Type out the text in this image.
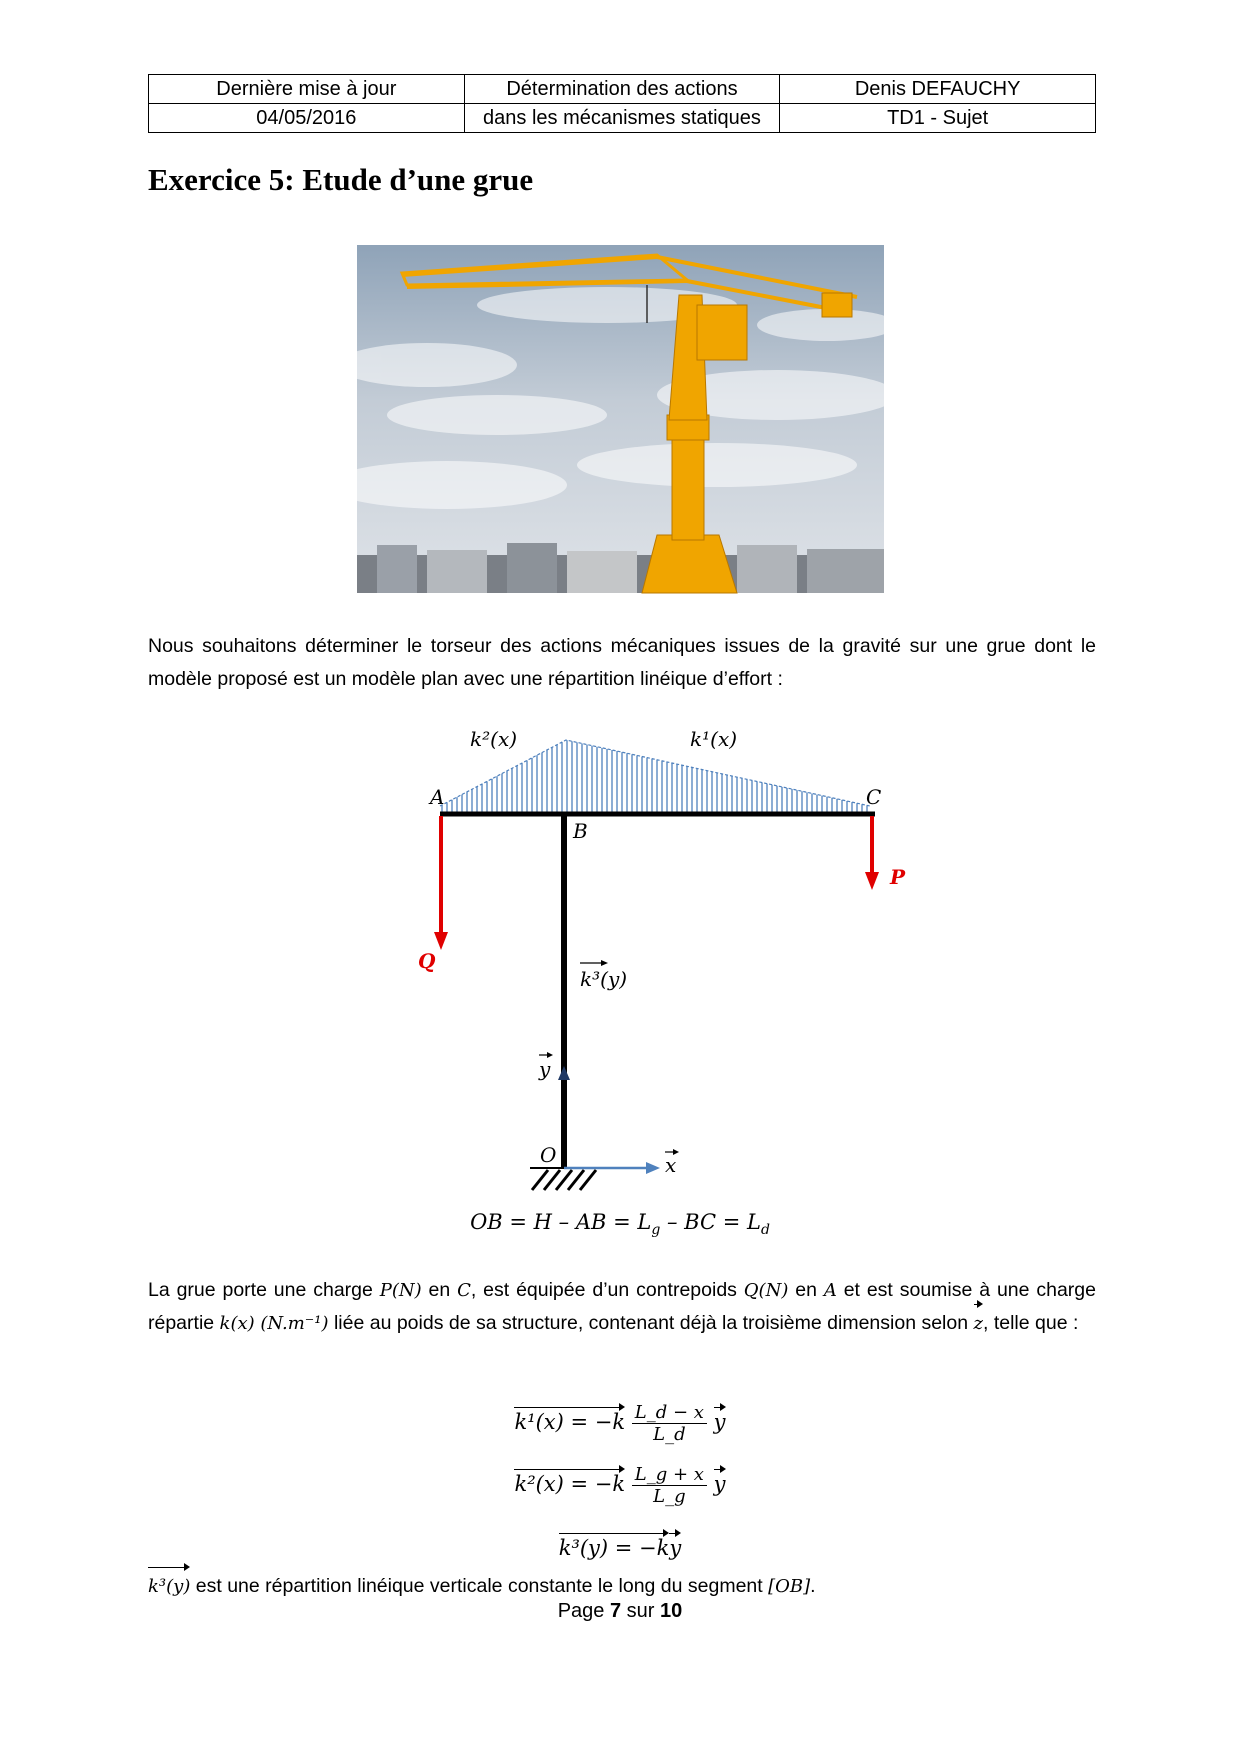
Dernière mise à jour	Détermination des actions	Denis DEFAUCHY
04/05/2016	dans les mécanismes statiques	TD1 - Sujet
Exercice 5: Etude d’une grue

Nous souhaitons déterminer le torseur des actions mécaniques issues de la gravité sur une grue dont le modèle proposé est un modèle plan avec une répartition linéique d’effort :

k²(x)	k¹(x)
A
B
C
O
P
Q
k³(y)
y
x
OB = H – AB = $L_g$ – BC = $L_d$

La grue porte une charge P(N) en C, est équipée d’un contrepoids Q(N) en A et est soumise à une charge répartie k(x) (N.m⁻¹) liée au poids de sa structure, contenant déjà la troisième dimension selon z, telle que :

$k^1(x) = -k \frac{L\_d - x}{L\_d}$ y
$k^2(x) = -k \frac{L\_g + x}{L\_g}$ y
k³(y) = −ky

k³(y) est une répartition linéique verticale constante le long du segment [OB].

Page 7 sur 10
